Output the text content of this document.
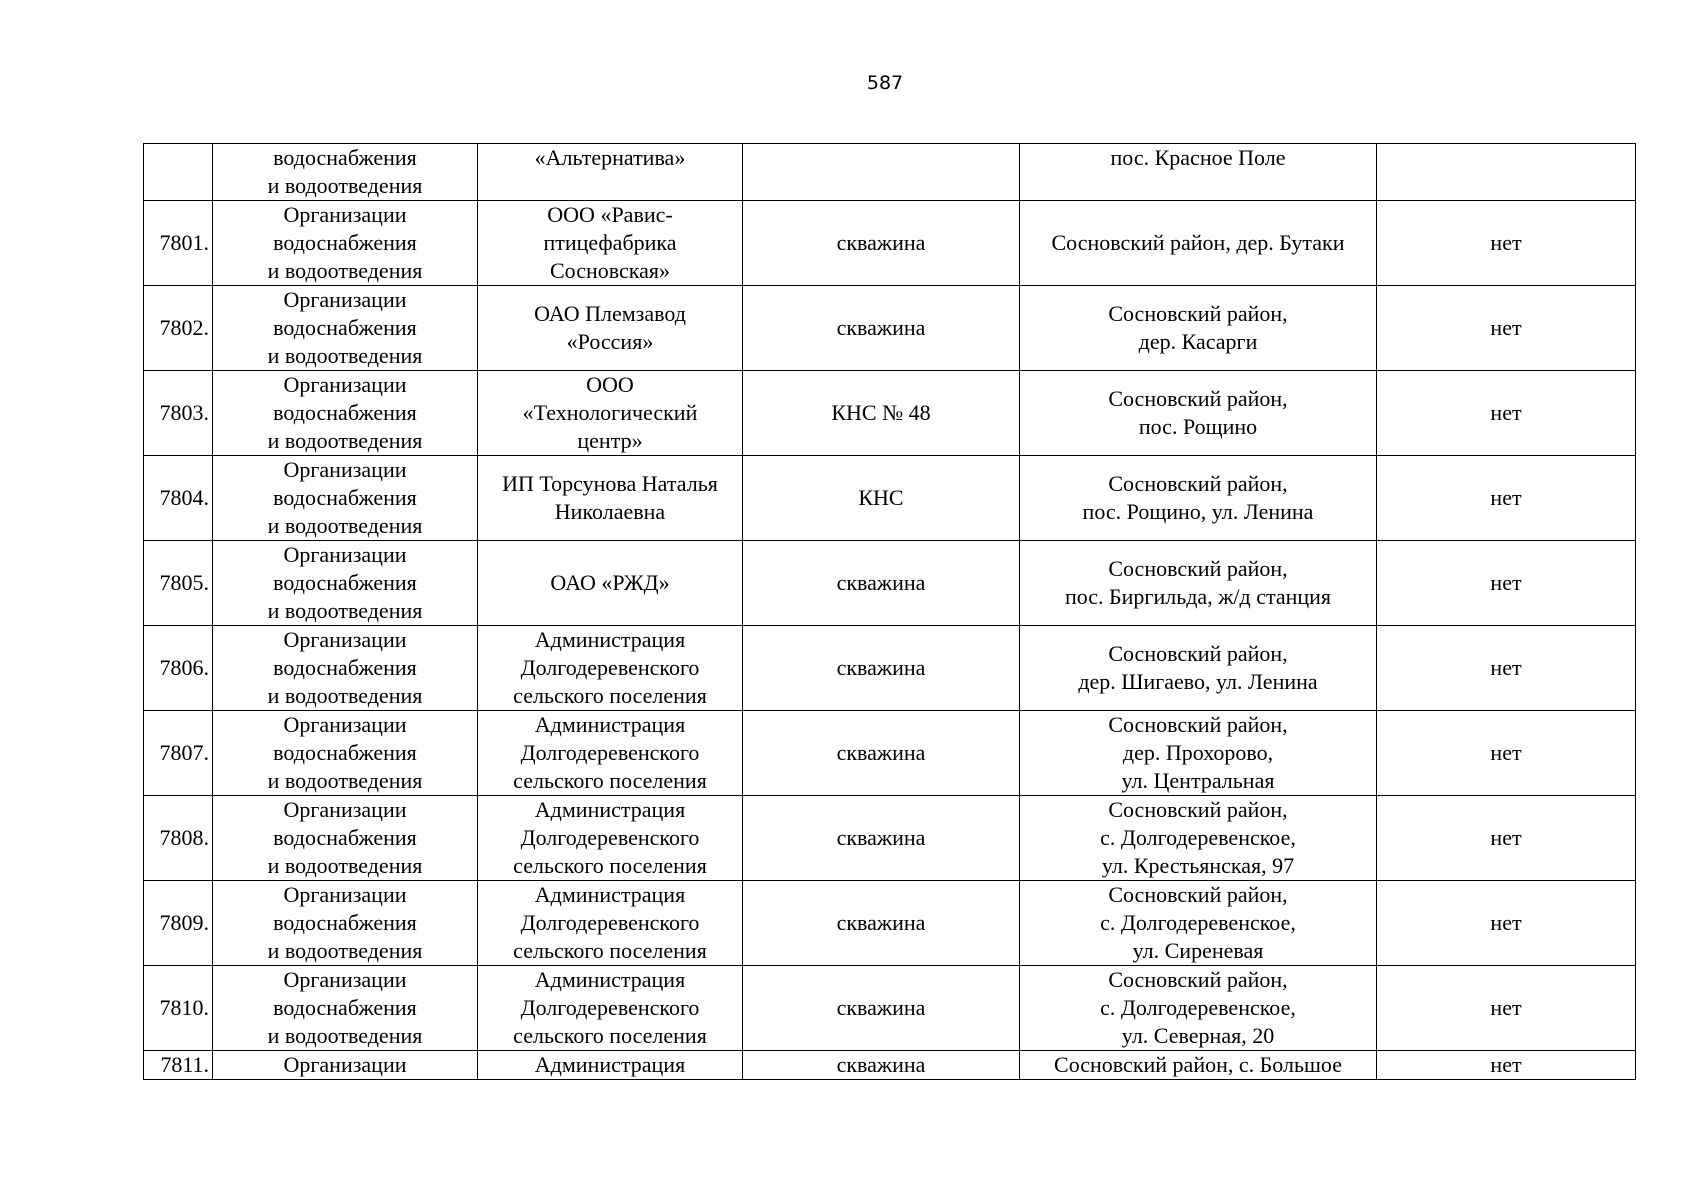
587

	водоснабжения
и водоотведения	«Альтернатива»		пос. Красное Поле	

7801.	Организации
водоснабжения
и водоотведения	ООО «Равис-
птицефабрика
Сосновская»	скважина	Сосновский район, дер. Бутаки	нет
7802.	Организации
водоснабжения
и водоотведения	ОАО Племзавод
«Россия»	скважина	Сосновский район,
дер. Касарги	нет
7803.	Организации
водоснабжения
и водоотведения	ООО
«Технологический
центр»	КНС № 48	Сосновский район,
пос. Рощино	нет
7804.	Организации
водоснабжения
и водоотведения	ИП Торсунова Наталья
Николаевна	КНС	Сосновский район,
пос. Рощино, ул. Ленина	нет
7805.	Организации
водоснабжения
и водоотведения	ОАО «РЖД»	скважина	Сосновский район,
пос. Биргильда, ж/д станция	нет
7806.	Организации
водоснабжения
и водоотведения	Администрация
Долгодеревенского
сельского поселения	скважина	Сосновский район,
дер. Шигаево, ул. Ленина	нет
7807.	Организации
водоснабжения
и водоотведения	Администрация
Долгодеревенского
сельского поселения	скважина	Сосновский район,
дер. Прохорово,
ул. Центральная	нет
7808.	Организации
водоснабжения
и водоотведения	Администрация
Долгодеревенского
сельского поселения	скважина	Сосновский район,
с. Долгодеревенское,
ул. Крестьянская, 97	нет
7809.	Организации
водоснабжения
и водоотведения	Администрация
Долгодеревенского
сельского поселения	скважина	Сосновский район,
с. Долгодеревенское,
ул. Сиреневая	нет
7810.	Организации
водоснабжения
и водоотведения	Администрация
Долгодеревенского
сельского поселения	скважина	Сосновский район,
с. Долгодеревенское,
ул. Северная, 20	нет
7811.	Организации	Администрация	скважина	Сосновский район, с. Большое	нет
